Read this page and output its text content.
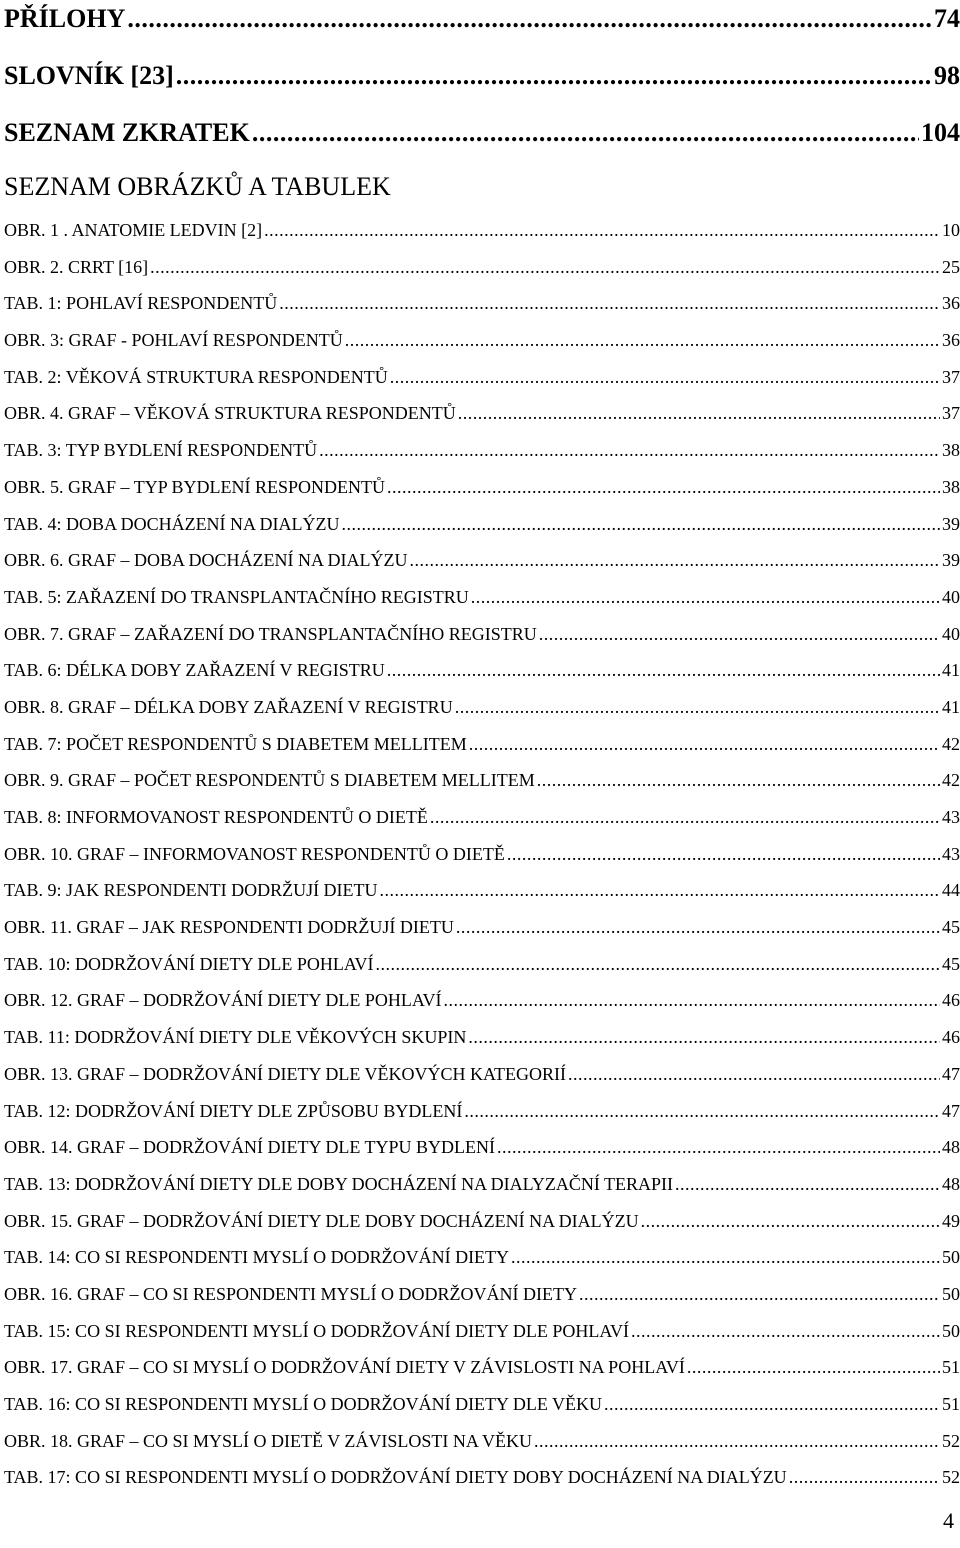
PŘÍLOHY .....	74
SLOVNÍK [23] .....	98
SEZNAM ZKRATEK .....	104
SEZNAM OBRÁZKŮ A TABULEK
OBR. 1 . ANATOMIE LEDVIN [2] .....	10
OBR. 2. CRRT [16] .....	25
TAB. 1: POHLAVÍ RESPONDENTŮ .....	36
OBR. 3: GRAF - POHLAVÍ RESPONDENTŮ .....	36
TAB. 2: VĚKOVÁ STRUKTURA RESPONDENTŮ .....	37
OBR. 4. GRAF – VĚKOVÁ STRUKTURA RESPONDENTŮ .....	37
TAB. 3: TYP BYDLENÍ RESPONDENTŮ .....	38
OBR. 5. GRAF – TYP BYDLENÍ RESPONDENTŮ .....	38
TAB. 4: DOBA DOCHÁZENÍ NA DIALÝZU .....	39
OBR. 6. GRAF – DOBA DOCHÁZENÍ NA DIALÝZU .....	39
TAB. 5: ZAŘAZENÍ DO TRANSPLANTAČNÍHO REGISTRU .....	40
OBR. 7. GRAF – ZAŘAZENÍ DO TRANSPLANTAČNÍHO REGISTRU .....	40
TAB. 6: DÉLKA DOBY ZAŘAZENÍ V REGISTRU .....	41
OBR. 8. GRAF – DÉLKA DOBY ZAŘAZENÍ V REGISTRU .....	41
TAB. 7: POČET RESPONDENTŮ S DIABETEM MELLITEM .....	42
OBR. 9. GRAF – POČET RESPONDENTŮ S DIABETEM MELLITEM .....	42
TAB. 8: INFORMOVANOST RESPONDENTŮ O DIETĚ .....	43
OBR. 10. GRAF – INFORMOVANOST RESPONDENTŮ O DIETĚ .....	43
TAB. 9: JAK RESPONDENTI DODRŽUJÍ DIETU .....	44
OBR. 11. GRAF – JAK RESPONDENTI DODRŽUJÍ DIETU .....	45
TAB. 10: DODRŽOVÁNÍ DIETY DLE POHLAVÍ .....	45
OBR. 12. GRAF – DODRŽOVÁNÍ DIETY DLE POHLAVÍ .....	46
TAB. 11: DODRŽOVÁNÍ DIETY DLE VĚKOVÝCH SKUPIN .....	46
OBR. 13. GRAF – DODRŽOVÁNÍ DIETY DLE VĚKOVÝCH KATEGORIÍ .....	47
TAB. 12: DODRŽOVÁNÍ DIETY DLE ZPŮSOBU BYDLENÍ .....	47
OBR. 14. GRAF – DODRŽOVÁNÍ DIETY DLE TYPU BYDLENÍ .....	48
TAB. 13: DODRŽOVÁNÍ DIETY DLE DOBY DOCHÁZENÍ NA DIALYZAČNÍ TERAPII .....	48
OBR. 15. GRAF – DODRŽOVÁNÍ DIETY DLE DOBY DOCHÁZENÍ NA DIALÝZU .....	49
TAB. 14: CO SI RESPONDENTI MYSLÍ O DODRŽOVÁNÍ DIETY .....	50
OBR. 16. GRAF – CO SI RESPONDENTI MYSLÍ O DODRŽOVÁNÍ DIETY .....	50
TAB. 15: CO SI RESPONDENTI MYSLÍ O DODRŽOVÁNÍ DIETY DLE POHLAVÍ .....	50
OBR. 17. GRAF – CO SI MYSLÍ O DODRŽOVÁNÍ DIETY V ZÁVISLOSTI NA POHLAVÍ .....	51
TAB. 16: CO SI RESPONDENTI MYSLÍ O DODRŽOVÁNÍ DIETY DLE VĚKU .....	51
OBR. 18. GRAF – CO SI MYSLÍ O DIETĚ V ZÁVISLOSTI NA VĚKU .....	52
TAB. 17: CO SI RESPONDENTI MYSLÍ O DODRŽOVÁNÍ DIETY DOBY DOCHÁZENÍ NA DIALÝZU .....	52
4
